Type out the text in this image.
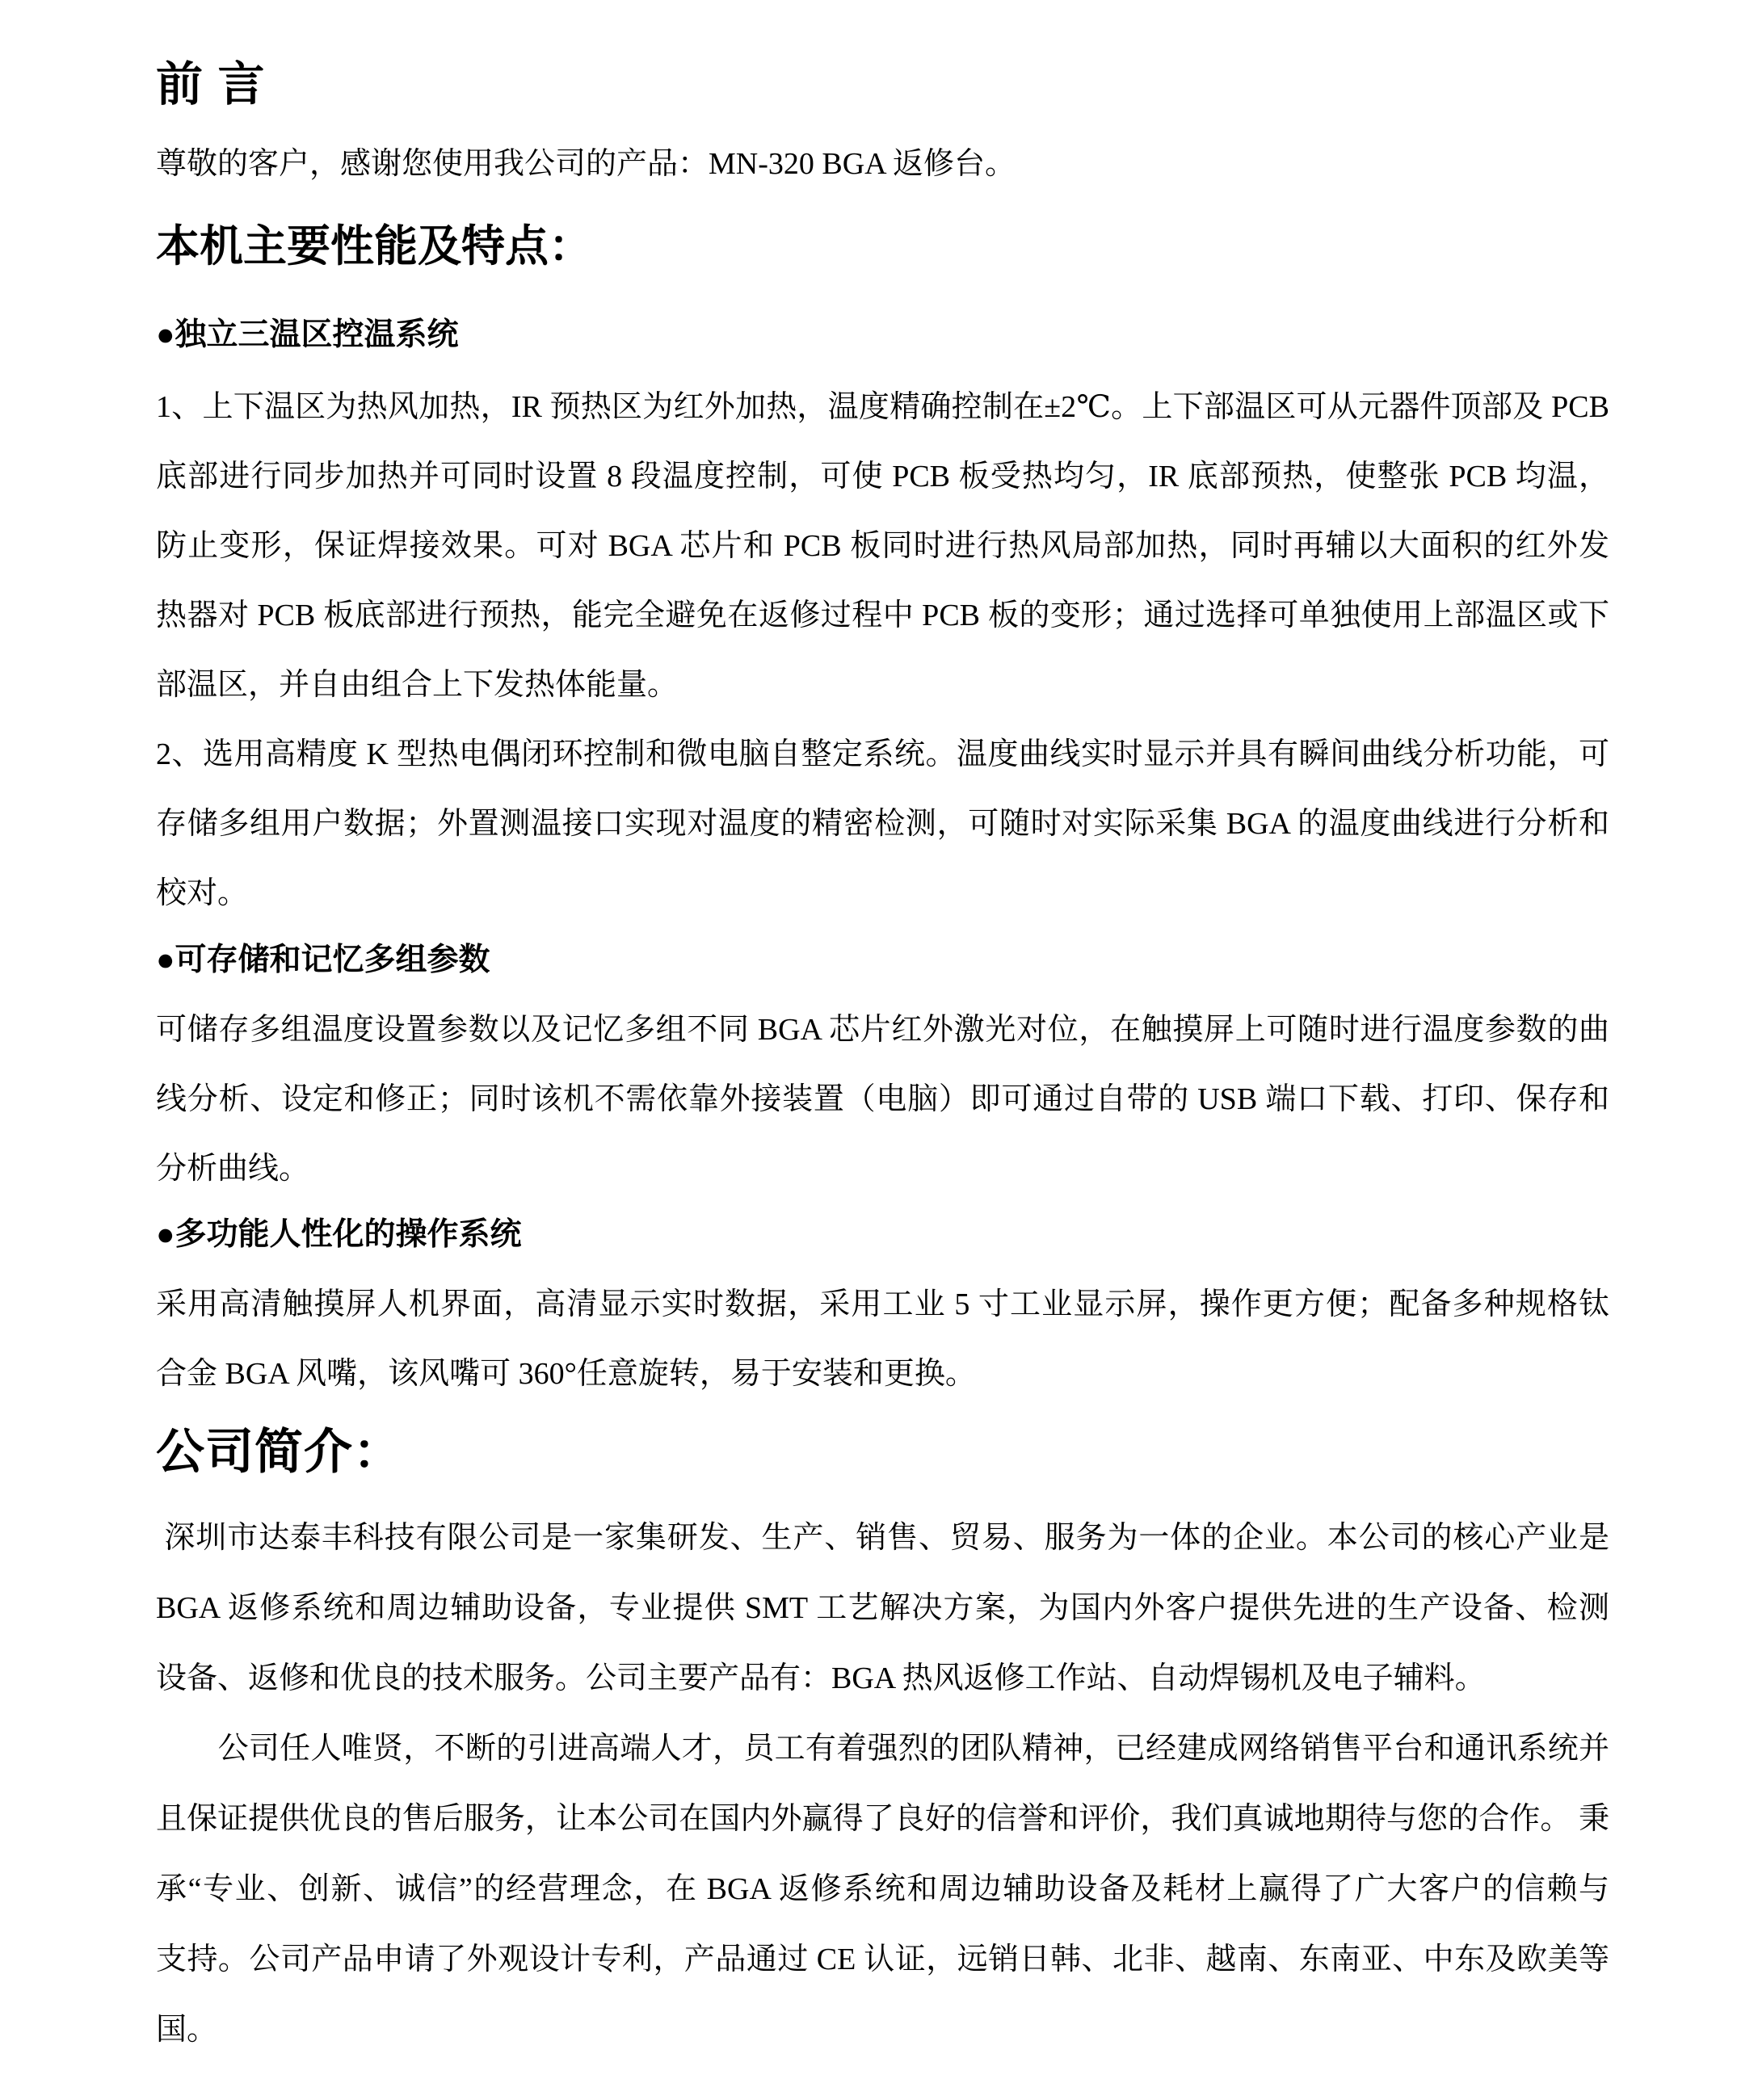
前 言
尊敬的客户，感谢您使用我公司的产品：MN-320 BGA 返修台。
本机主要性能及特点：
●独立三温区控温系统
1、上下温区为热风加热，IR 预热区为红外加热，温度精确控制在±2℃。上下部温区可从元器件顶部及 PCB
底部进行同步加热并可同时设置 8 段温度控制，可使 PCB 板受热均匀，IR 底部预热，使整张 PCB 均温，
防止变形，保证焊接效果。可对 BGA 芯片和 PCB 板同时进行热风局部加热，同时再辅以大面积的红外发
热器对 PCB 板底部进行预热，能完全避免在返修过程中 PCB 板的变形；通过选择可单独使用上部温区或下
部温区，并自由组合上下发热体能量。
2、选用高精度 K 型热电偶闭环控制和微电脑自整定系统。温度曲线实时显示并具有瞬间曲线分析功能，可
存储多组用户数据；外置测温接口实现对温度的精密检测，可随时对实际采集 BGA 的温度曲线进行分析和
校对。
●可存储和记忆多组参数
可储存多组温度设置参数以及记忆多组不同 BGA 芯片红外激光对位，在触摸屏上可随时进行温度参数的曲
线分析、设定和修正；同时该机不需依靠外接装置（电脑）即可通过自带的 USB 端口下载、打印、保存和
分析曲线。
●多功能人性化的操作系统
采用高清触摸屏人机界面，高清显示实时数据，采用工业 5 寸工业显示屏，操作更方便；配备多种规格钛
合金 BGA 风嘴，该风嘴可 360°任意旋转，易于安装和更换。
公司简介：
深圳市达泰丰科技有限公司是一家集研发、生产、销售、贸易、服务为一体的企业。本公司的核心产业是
BGA 返修系统和周边辅助设备，专业提供 SMT 工艺解决方案，为国内外客户提供先进的生产设备、检测
设备、返修和优良的技术服务。公司主要产品有：BGA 热风返修工作站、自动焊锡机及电子辅料。
　　公司任人唯贤，不断的引进高端人才，员工有着强烈的团队精神，已经建成网络销售平台和通讯系统并
且保证提供优良的售后服务，让本公司在国内外赢得了良好的信誉和评价，我们真诚地期待与您的合作。 秉
承“专业、创新、诚信”的经营理念，在 BGA 返修系统和周边辅助设备及耗材上赢得了广大客户的信赖与
支持。公司产品申请了外观设计专利，产品通过 CE 认证，远销日韩、北非、越南、东南亚、中东及欧美等
国。
